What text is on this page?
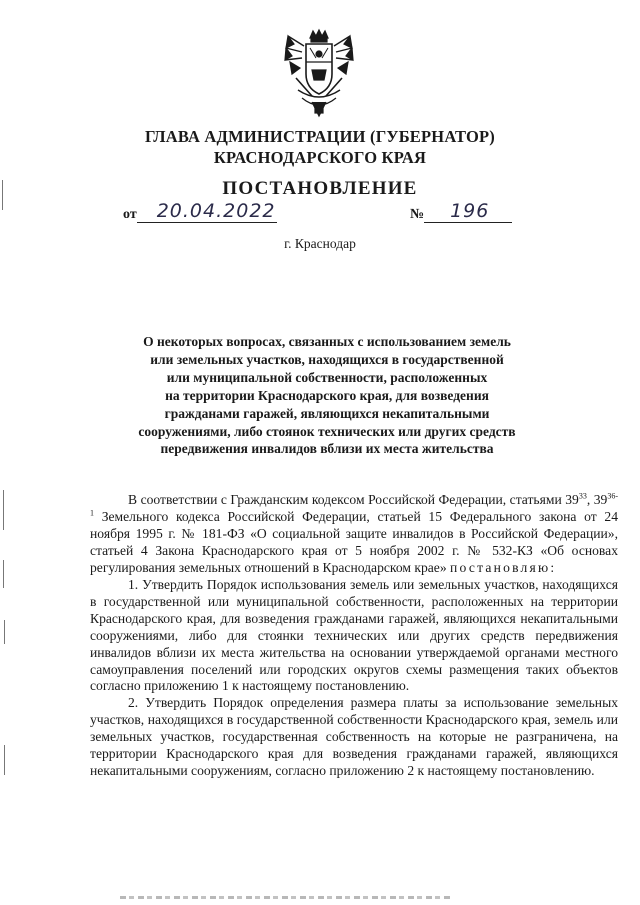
ГЛАВА АДМИНИСТРАЦИИ (ГУБЕРНАТОР)
КРАСНОДАРСКОГО КРАЯ
ПОСТАНОВЛЕНИЕ
от 20.04.2022	№ 196
г. Краснодар
О некоторых вопросах, связанных с использованием земель
или земельных участков, находящихся в государственной
или муниципальной собственности, расположенных
на территории Краснодарского края, для возведения
гражданами гаражей, являющихся некапитальными
сооружениями, либо стоянок технических или других средств
передвижения инвалидов вблизи их места жительства

В соответствии с Гражданским кодексом Российской Федерации, статьями $39^{33}$, 39$^{36-1}$ Земельного кодекса Российской Федерации, статьей 15 Федерального закона от 24 ноября 1995 г. № 181-ФЗ «О социальной защите инвалидов в Российской Федерации», статьей 4 Закона Краснодарского края от 5 ноября 2002 г. № 532-КЗ «Об основах регулирования земельных отношений в Краснодарском крае» постановляю:

1. Утвердить Порядок использования земель или земельных участков, находящихся в государственной или муниципальной собственности, расположенных на территории Краснодарского края, для возведения гражданами гаражей, являющихся некапитальными сооружениями, либо для стоянки технических или других средств передвижения инвалидов вблизи их места жительства на основании утверждаемой органами местного самоуправления поселений или городских округов схемы размещения таких объектов согласно приложению 1 к настоящему постановлению.

2. Утвердить Порядок определения размера платы за использование земельных участков, находящихся в государственной собственности Краснодарского края, земель или земельных участков, государственная собственность на которые не разграничена, на территории Краснодарского края для возведения гражданами гаражей, являющихся некапитальными сооружениям, согласно приложению 2 к настоящему постановлению.
